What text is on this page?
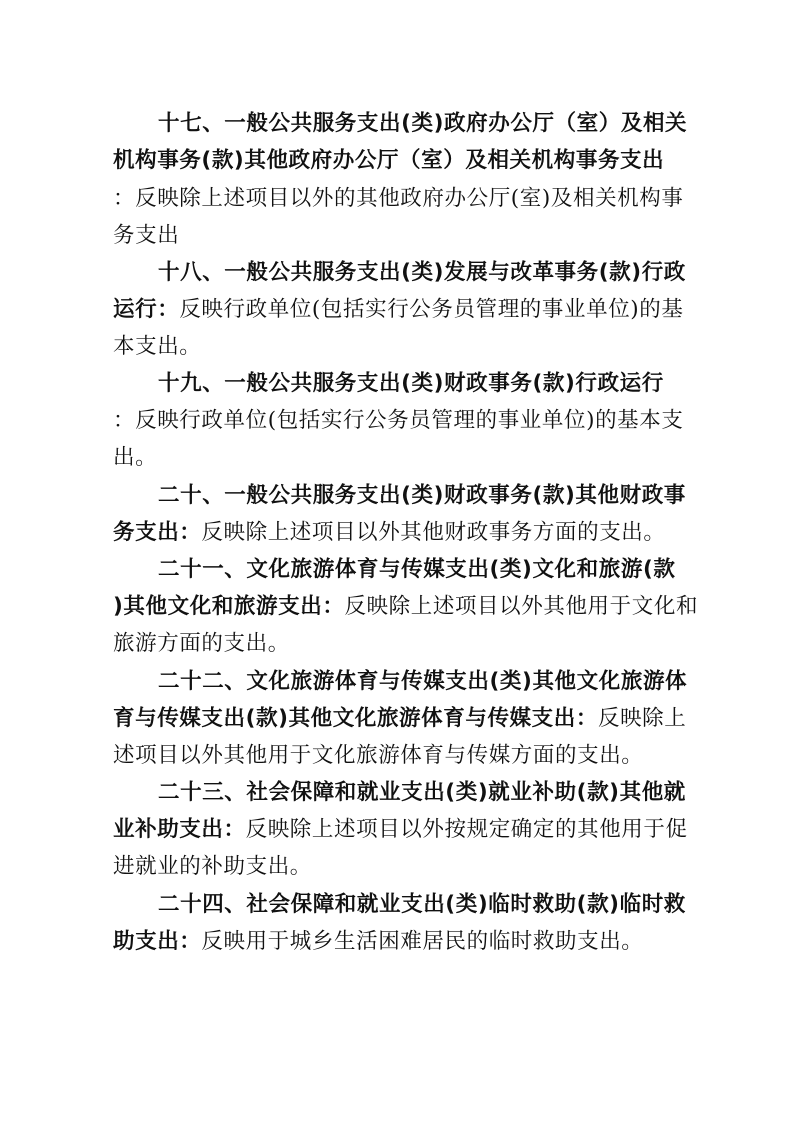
十七、一般公共服务支出(类)政府办公厅（室）及相关
机构事务(款)其他政府办公厅（室）及相关机构事务支出
：反映除上述项目以外的其他政府办公厅(室)及相关机构事
务支出
十八、一般公共服务支出(类)发展与改革事务(款)行政
运行：反映行政单位(包括实行公务员管理的事业单位)的基
本支出。
十九、一般公共服务支出(类)财政事务(款)行政运行
：反映行政单位(包括实行公务员管理的事业单位)的基本支
出。
二十、一般公共服务支出(类)财政事务(款)其他财政事
务支出：反映除上述项目以外其他财政事务方面的支出。
二十一、文化旅游体育与传媒支出(类)文化和旅游(款
)其他文化和旅游支出：反映除上述项目以外其他用于文化和
旅游方面的支出。
二十二、文化旅游体育与传媒支出(类)其他文化旅游体
育与传媒支出(款)其他文化旅游体育与传媒支出：反映除上
述项目以外其他用于文化旅游体育与传媒方面的支出。
二十三、社会保障和就业支出(类)就业补助(款)其他就
业补助支出：反映除上述项目以外按规定确定的其他用于促
进就业的补助支出。
二十四、社会保障和就业支出(类)临时救助(款)临时救
助支出：反映用于城乡生活困难居民的临时救助支出。
